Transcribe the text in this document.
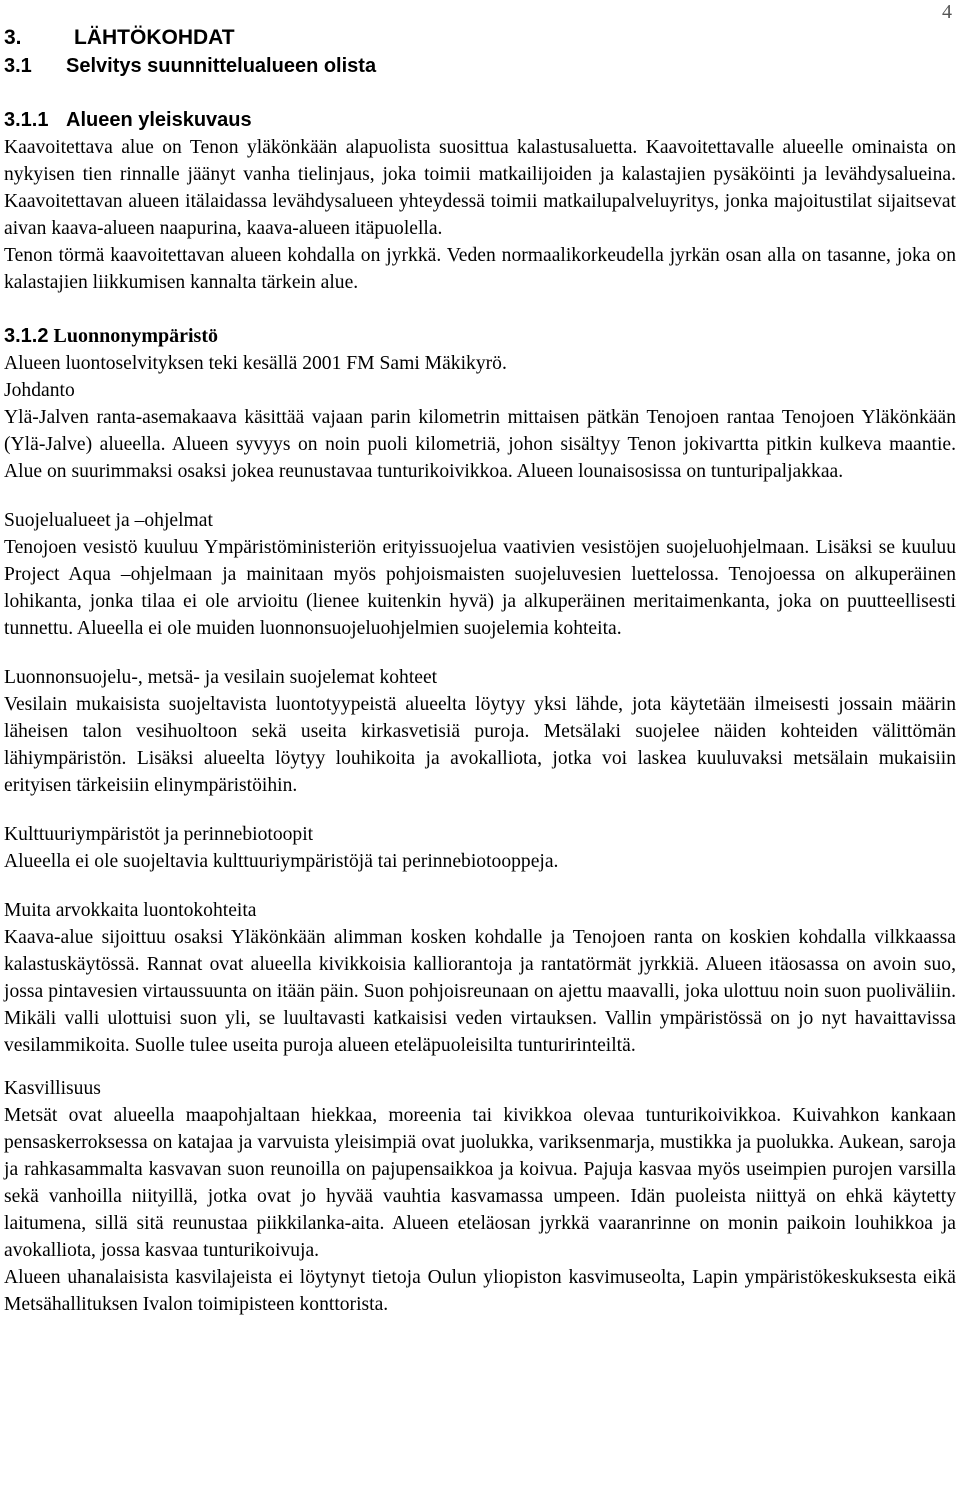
4
3. LÄHTÖKOHDAT
3.1 Selvitys suunnittelualueen olista
3.1.1 Alueen yleiskuvaus

Kaavoitettava alue on Tenon yläkönkään alapuolista suosittua kalastusaluetta. Kaavoitettavalle alueelle ominaista on nykyisen tien rinnalle jäänyt vanha tielinjaus, joka toimii matkailijoiden ja kalastajien pysäköinti ja levähdysalueina. Kaavoitettavan alueen itälaidassa levähdysalueen yhteydessä toimii matkailupalveluyritys, jonka majoitustilat sijaitsevat aivan kaava-alueen naapurina, kaava-alueen itäpuolella.

Tenon törmä kaavoitettavan alueen kohdalla on jyrkkä. Veden normaalikorkeudella jyrkän osan alla on tasanne, joka on kalastajien liikkumisen kannalta tärkein alue.

3.1.2 Luonnonympäristö

Alueen luontoselvityksen teki kesällä 2001 FM Sami Mäkikyrö.

Johdanto

Ylä-Jalven ranta-asemakaava käsittää vajaan parin kilometrin mittaisen pätkän Tenojoen rantaa Tenojoen Yläkönkään (Ylä-Jalve) alueella. Alueen syvyys on noin puoli kilometriä, johon sisältyy Tenon jokivartta pitkin kulkeva maantie. Alue on suurimmaksi osaksi jokea reunustavaa tunturikoivikkoa. Alueen lounaisosissa on tunturipaljakkaa.

Suojelualueet ja –ohjelmat

Tenojoen vesistö kuuluu Ympäristöministeriön erityissuojelua vaativien vesistöjen suojeluohjelmaan. Lisäksi se kuuluu Project Aqua –ohjelmaan ja mainitaan myös pohjoismaisten suojeluvesien luettelossa. Tenojoessa on alkuperäinen lohikanta, jonka tilaa ei ole arvioitu (lienee kuitenkin hyvä) ja alkuperäinen meritaimenkanta, joka on puutteellisesti tunnettu. Alueella ei ole muiden luonnonsuojeluohjelmien suojelemia kohteita.

Luonnonsuojelu-, metsä- ja vesilain suojelemat kohteet

Vesilain mukaisista suojeltavista luontotyypeistä alueelta löytyy yksi lähde, jota käytetään ilmeisesti jossain määrin läheisen talon vesihuoltoon sekä useita kirkasvetisiä puroja. Metsälaki suojelee näiden kohteiden välittömän lähiympäristön. Lisäksi alueelta löytyy louhikoita ja avokalliota, jotka voi laskea kuuluvaksi metsälain mukaisiin erityisen tärkeisiin elinympäristöihin.

Kulttuuriympäristöt ja perinnebiotoopit

Alueella ei ole suojeltavia kulttuuriympäristöjä tai perinnebiotooppeja.

Muita arvokkaita luontokohteita

Kaava-alue sijoittuu osaksi Yläkönkään alimman kosken kohdalle ja Tenojoen ranta on koskien kohdalla vilkkaassa kalastuskäytössä. Rannat ovat alueella kivikkoisia kalliorantoja ja rantatörmät jyrkkiä. Alueen itäosassa on avoin suo, jossa pintavesien virtaussuunta on itään päin. Suon pohjoisreunaan on ajettu maavalli, joka ulottuu noin suon puoliväliin. Mikäli valli ulottuisi suon yli, se luultavasti katkaisisi veden virtauksen. Vallin ympäristössä on jo nyt havaittavissa vesilammikoita. Suolle tulee useita puroja alueen eteläpuoleisilta tunturirinteiltä.

Kasvillisuus

Metsät ovat alueella maapohjaltaan hiekkaa, moreenia tai kivikkoa olevaa tunturikoivikkoa. Kuivahkon kankaan pensaskerroksessa on katajaa ja varvuista yleisimpiä ovat juolukka, variksenmarja, mustikka ja puolukka. Aukean, saroja ja rahkasammalta kasvavan suon reunoilla on pajupensaikkoa ja koivua. Pajuja kasvaa myös useimpien purojen varsilla sekä vanhoilla niityillä, jotka ovat jo hyvää vauhtia kasvamassa umpeen. Idän puoleista niittyä on ehkä käytetty laitumena, sillä sitä reunustaa piikkilanka-aita. Alueen eteläosan jyrkkä vaaranrinne on monin paikoin louhikkoa ja avokalliota, jossa kasvaa tunturikoivuja.

Alueen uhanalaisista kasvilajeista ei löytynyt tietoja Oulun yliopiston kasvimuseolta, Lapin ympäristökeskuksesta eikä Metsähallituksen Ivalon toimipisteen konttorista.
